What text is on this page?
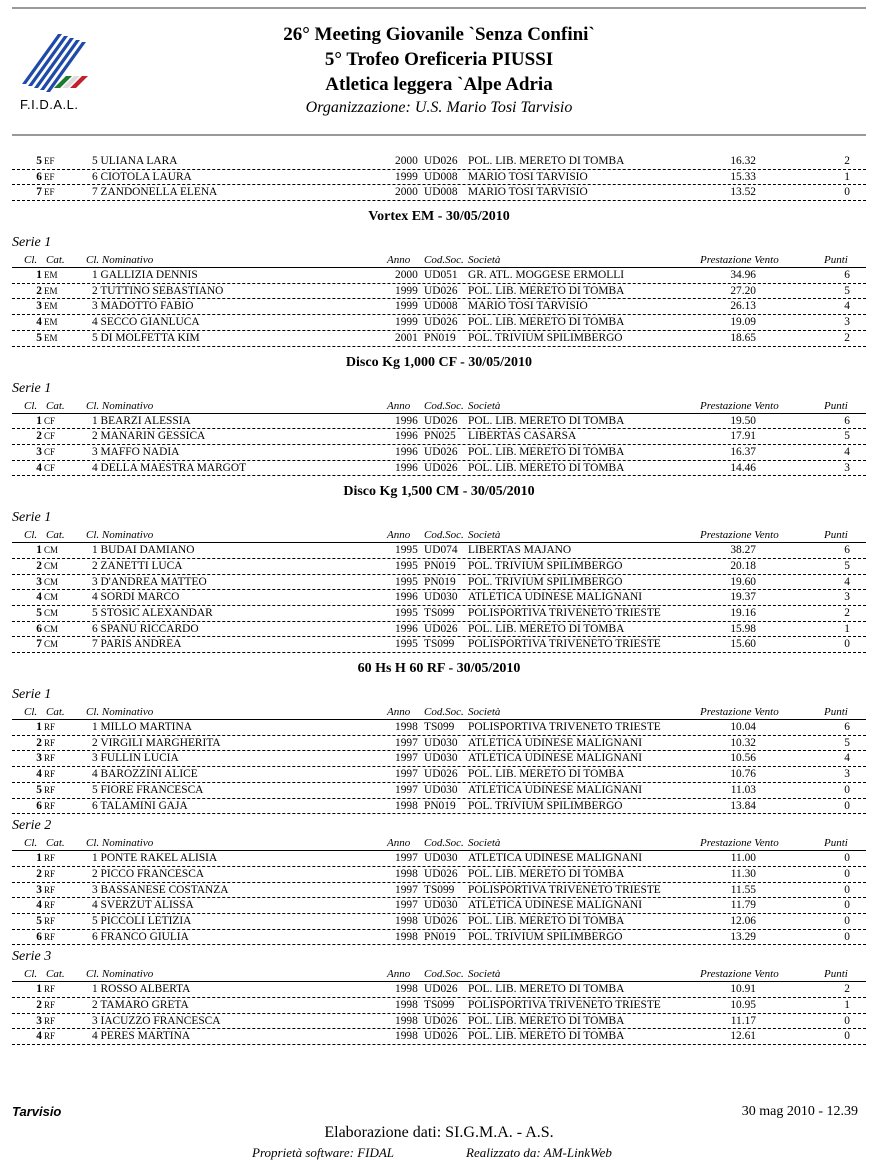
F.I.D.A.L.
26° Meeting Giovanile `Senza Confini`
5° Trofeo Oreficeria PIUSSI
Atletica leggera `Alpe Adria
Organizzazione: U.S. Mario Tosi Tarvisio
5 EF	5 ULIANA LARA	2000 UD026 POL. LIB. MERETO DI TOMBA	16.32	2
6 EF	6 CIOTOLA LAURA	1999 UD008 MARIO TOSI TARVISIO	15.33	1
7 EF	7 ZANDONELLA ELENA	2000 UD008 MARIO TOSI TARVISIO	13.52	0
Vortex EM - 30/05/2010
Serie 1
Cl. Cat. Cl. Nominativo	Anno Cod.Soc. Società	Prestazione Vento	Punti
1 EM	1 GALLIZIA DENNIS	2000 UD051 GR. ATL. MOGGESE ERMOLLI	34.96	6
2 EM	2 TUTTINO SEBASTIANO	1999 UD026 POL. LIB. MERETO DI TOMBA	27.20	5
3 EM	3 MADOTTO FABIO	1999 UD008 MARIO TOSI TARVISIO	26.13	4
4 EM	4 SECCO GIANLUCA	1999 UD026 POL. LIB. MERETO DI TOMBA	19.09	3
5 EM	5 DI MOLFETTA KIM	2001 PN019 POL. TRIVIUM SPILIMBERGO	18.65	2
Disco Kg 1,000 CF - 30/05/2010
Serie 1
Cl. Cat. Cl. Nominativo	Anno Cod.Soc. Società	Prestazione Vento	Punti
1 CF	1 BEARZI ALESSIA	1996 UD026 POL. LIB. MERETO DI TOMBA	19.50	6
2 CF	2 MANARIN GESSICA	1996 PN025 LIBERTAS CASARSA	17.91	5
3 CF	3 MAFFO NADIA	1996 UD026 POL. LIB. MERETO DI TOMBA	16.37	4
4 CF	4 DELLA MAESTRA MARGOT	1996 UD026 POL. LIB. MERETO DI TOMBA	14.46	3
Disco Kg 1,500 CM - 30/05/2010
Serie 1
Cl. Cat. Cl. Nominativo	Anno Cod.Soc. Società	Prestazione Vento	Punti
1 CM	1 BUDAI DAMIANO	1995 UD074 LIBERTAS MAJANO	38.27	6
2 CM	2 ZANETTI LUCA	1995 PN019 POL. TRIVIUM SPILIMBERGO	20.18	5
3 CM	3 D'ANDREA MATTEO	1995 PN019 POL. TRIVIUM SPILIMBERGO	19.60	4
4 CM	4 SORDI MARCO	1996 UD030 ATLETICA UDINESE MALIGNANI	19.37	3
5 CM	5 STOSIC ALEXANDAR	1995 TS099 POLISPORTIVA TRIVENETO TRIESTE	19.16	2
6 CM	6 SPANU RICCARDO	1996 UD026 POL. LIB. MERETO DI TOMBA	15.98	1
7 CM	7 PARIS ANDREA	1995 TS099 POLISPORTIVA TRIVENETO TRIESTE	15.60	0
60 Hs H 60 RF - 30/05/2010
Serie 1
Cl. Cat. Cl. Nominativo	Anno Cod.Soc. Società	Prestazione Vento	Punti
1 RF	1 MILLO MARTINA	1998 TS099 POLISPORTIVA TRIVENETO TRIESTE	10.04	6
2 RF	2 VIRGILI MARGHERITA	1997 UD030 ATLETICA UDINESE MALIGNANI	10.32	5
3 RF	3 FULLIN LUCIA	1997 UD030 ATLETICA UDINESE MALIGNANI	10.56	4
4 RF	4 BAROZZINI ALICE	1997 UD026 POL. LIB. MERETO DI TOMBA	10.76	3
5 RF	5 FIORE FRANCESCA	1997 UD030 ATLETICA UDINESE MALIGNANI	11.03	0
6 RF	6 TALAMINI GAJA	1998 PN019 POL. TRIVIUM SPILIMBERGO	13.84	0
Serie 2
Cl. Cat. Cl. Nominativo	Anno Cod.Soc. Società	Prestazione Vento	Punti
1 RF	1 PONTE RAKEL ALISIA	1997 UD030 ATLETICA UDINESE MALIGNANI	11.00	0
2 RF	2 PICCO FRANCESCA	1998 UD026 POL. LIB. MERETO DI TOMBA	11.30	0
3 RF	3 BASSANESE COSTANZA	1997 TS099 POLISPORTIVA TRIVENETO TRIESTE	11.55	0
4 RF	4 SVERZUT ALISSA	1997 UD030 ATLETICA UDINESE MALIGNANI	11.79	0
5 RF	5 PICCOLI LETIZIA	1998 UD026 POL. LIB. MERETO DI TOMBA	12.06	0
6 RF	6 FRANCO GIULIA	1998 PN019 POL. TRIVIUM SPILIMBERGO	13.29	0
Serie 3
Cl. Cat. Cl. Nominativo	Anno Cod.Soc. Società	Prestazione Vento	Punti
1 RF	1 ROSSO ALBERTA	1998 UD026 POL. LIB. MERETO DI TOMBA	10.91	2
2 RF	2 TAMARO GRETA	1998 TS099 POLISPORTIVA TRIVENETO TRIESTE	10.95	1
3 RF	3 IACUZZO FRANCESCA	1998 UD026 POL. LIB. MERETO DI TOMBA	11.17	0
4 RF	4 PERES MARTINA	1998 UD026 POL. LIB. MERETO DI TOMBA	12.61	0
Tarvisio	30 mag 2010 - 12.39
Elaborazione dati: SI.G.M.A. - A.S.
Proprietà software: FIDAL	Realizzato da: AM-LinkWeb
